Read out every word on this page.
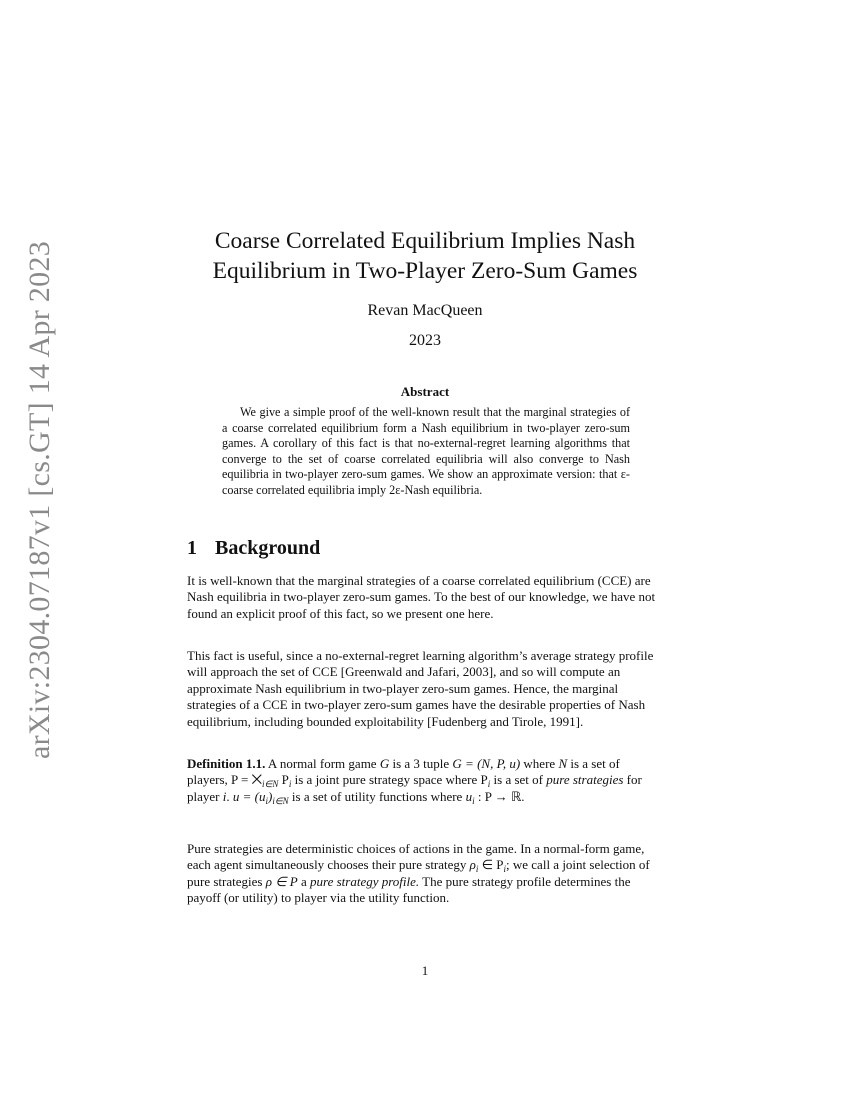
arXiv:2304.07187v1 [cs.GT] 14 Apr 2023	Coarse Correlated Equilibrium Implies Nash
Equilibrium in Two-Player Zero-Sum Games
Revan MacQueen
2023
Abstract
We give a simple proof of the well-known result that the marginal strategies of a coarse correlated equilibrium form a Nash equilibrium in two-player zero-sum games. A corollary of this fact is that no-external-regret learning algorithms that converge to the set of coarse correlated equilibria will also converge to Nash equilibria in two-player zero-sum games. We show an approximate version: that ε-coarse correlated equilibria imply 2ε-Nash equilibria.
1 Background

It is well-known that the marginal strategies of a coarse correlated equilibrium (CCE) are Nash equilibria in two-player zero-sum games. To the best of our knowledge, we have not found an explicit proof of this fact, so we present one here.

This fact is useful, since a no-external-regret learning algorithm’s average strategy profile will approach the set of CCE [Greenwald and Jafari, 2003], and so will compute an approximate Nash equilibrium in two-player zero-sum games. Hence, the marginal strategies of a CCE in two-player zero-sum games have the desirable properties of Nash equilibrium, including bounded exploitability [Fudenberg and Tirole, 1991].

Definition 1.1. A normal form game G is a 3 tuple G = (N, P, u) where N is a set of players, $P = ⨉_{i\in N}$ $P_i$ is a joint pure strategy space where $P_i$ is a set of pure strategies for player i. $u = (u_i)_{i\in N}$ is a set of utility functions where $u_i$ : P → ℝ.

Pure strategies are deterministic choices of actions in the game. In a normal-form game, each agent simultaneously chooses their pure strategy $\rho_i$ ∈ $P_i$; we call a joint selection of pure strategies ρ ∈ P a pure strategy profile. The pure strategy profile determines the payoff (or utility) to player via the utility function.

1
